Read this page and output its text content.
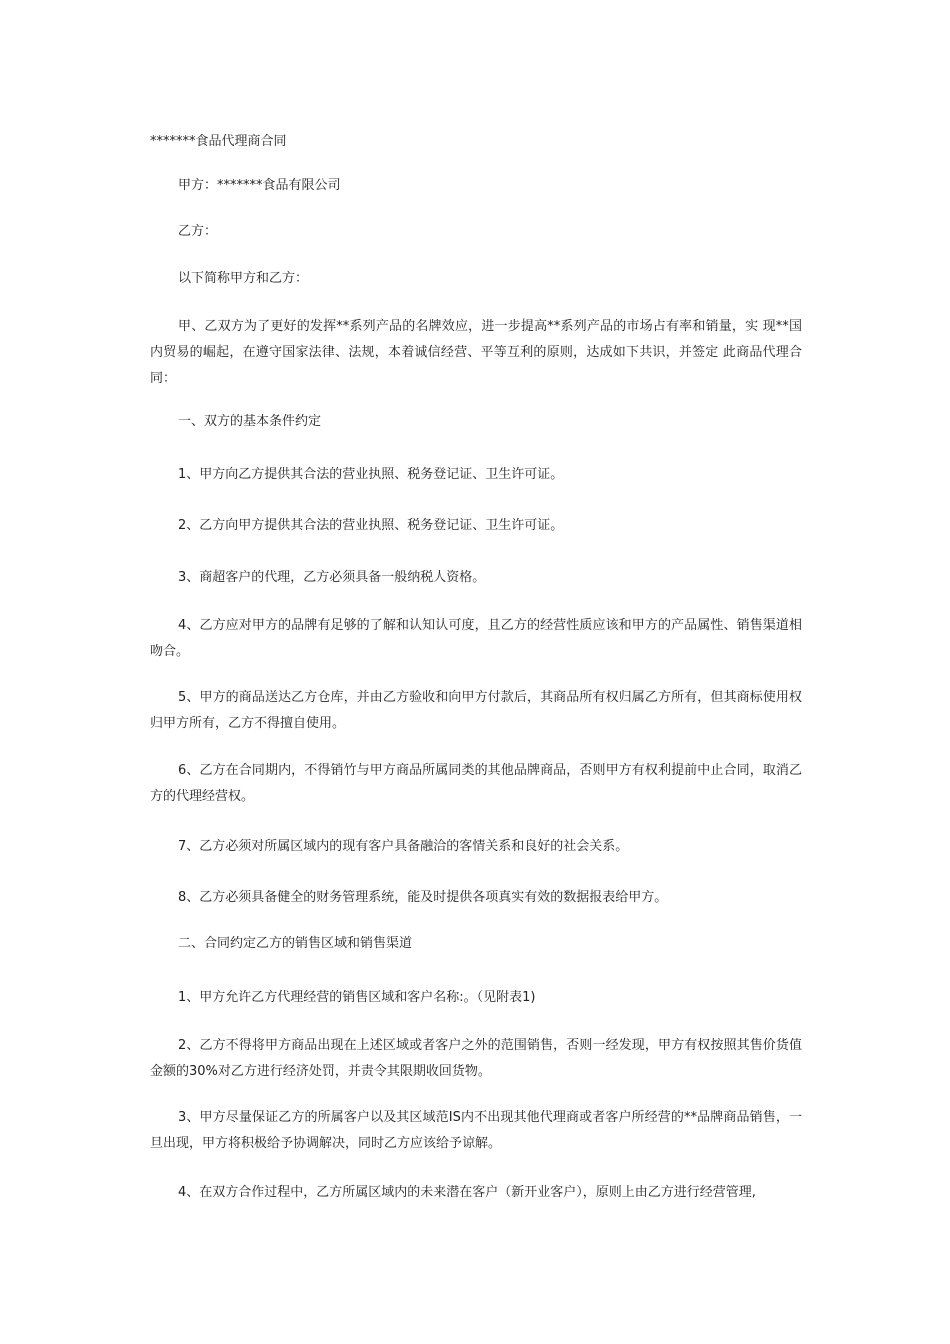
*******食品代理商合同
甲方：*******食品有限公司
乙方：
以下简称甲方和乙方：
甲、乙双方为了更好的发挥**系列产品的名牌效应，进一步提高**系列产品的市场占有率和销量，实 现**国内贸易的崛起，在遵守国家法律、法规，本着诚信经营、平等互利的原则，达成如下共识，并签定 此商品代理合同：
一、双方的基本条件约定
1、甲方向乙方提供其合法的营业执照、税务登记证、卫生许可证。
2、乙方向甲方提供其合法的营业执照、税务登记证、卫生许可证。
3、商超客户的代理，乙方必须具备一般纳税人资格。
4、乙方应对甲方的品牌有足够的了解和认知认可度，且乙方的经营性质应该和甲方的产品属性、销售渠道相吻合。
5、甲方的商品送达乙方仓库，并由乙方验收和向甲方付款后，其商品所有权归属乙方所有，但其商标使用权归甲方所有，乙方不得擅自使用。
6、乙方在合同期内，不得销竹与甲方商品所属同类的其他品牌商品，否则甲方有权利提前中止合同，取消乙方的代理经营权。
7、乙方必须对所属区域内的现有客户具备融洽的客情关系和良好的社会关系。
8、乙方必须具备健全的财务管理系统，能及时提供各项真实有效的数据报表给甲方。
二、合同约定乙方的销售区域和销售渠道
1、甲方允许乙方代理经营的销售区域和客户名称:。（见附表1)
2、乙方不得将甲方商品出现在上述区域或者客户之外的范围销售，否则一经发现，甲方有权按照其售价货值金额的30%对乙方进行经济处罚，并责令其限期收回货物。
3、甲方尽量保证乙方的所属客户以及其区域范IS内不出现其他代理商或者客户所经营的**品牌商品销售，一旦出现，甲方将积极给予协调解决，同时乙方应该给予谅解。
4、在双方合作过程中，乙方所属区域内的未来潜在客户（新开业客户），原则上由乙方进行经营管理,
